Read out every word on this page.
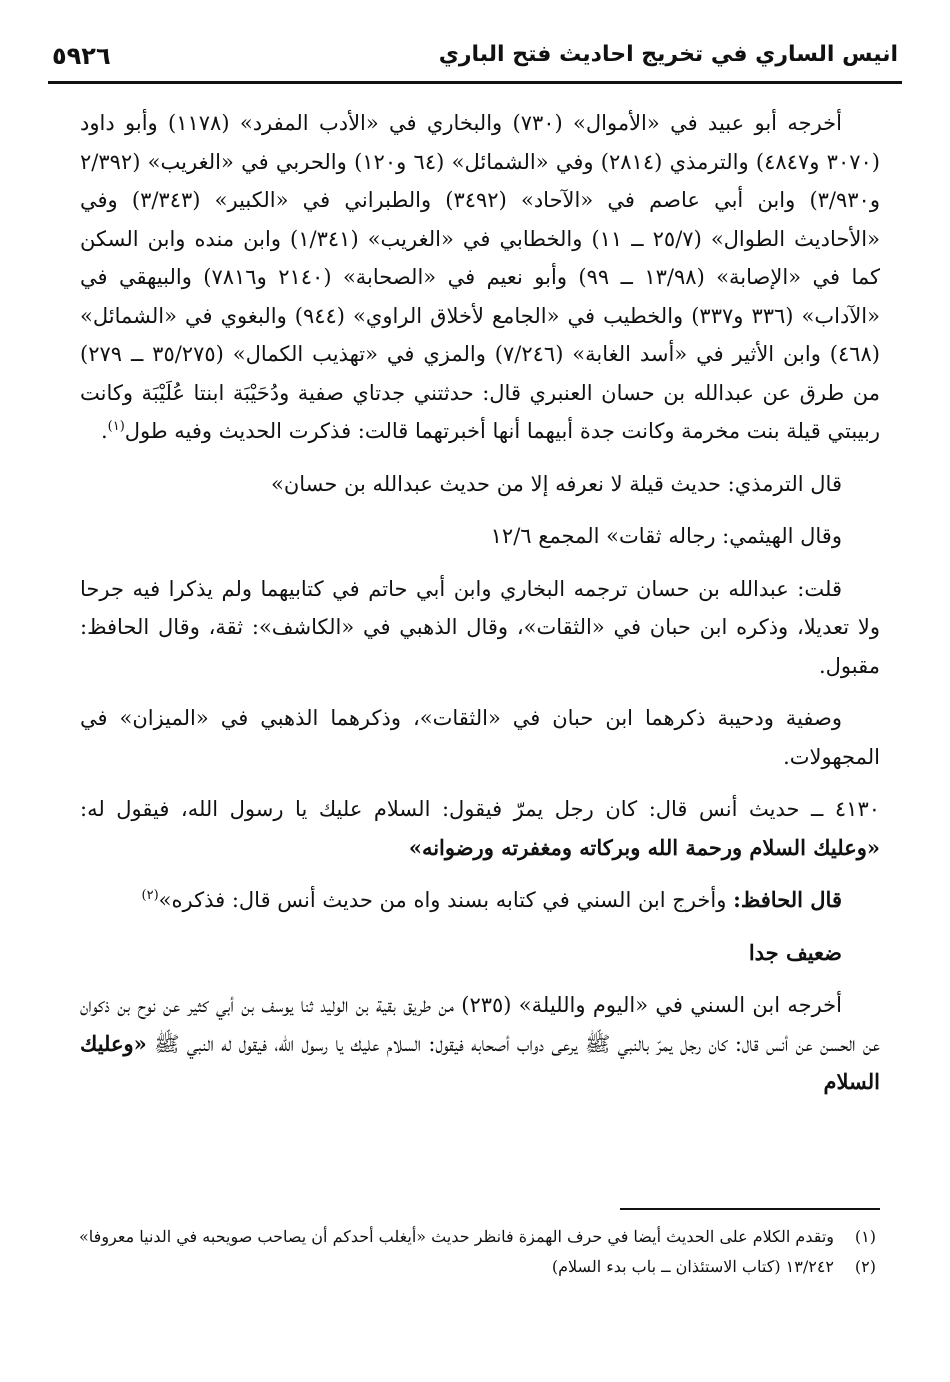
انيس الساري في تخريج احاديث فتح الباري
٥٩٢٦

أخرجه أبو عبيد في «الأموال» (٧٣٠) والبخاري في «الأدب المفرد» (١١٧٨) وأبو داود (٣٠٧٠ و٤٨٤٧) والترمذي (٢٨١٤) وفي «الشمائل» (٦٤ و١٢٠) والحربي في «الغريب» (٢/٣٩٢ و٣/٩٣٠) وابن أبي عاصم في «الآحاد» (٣٤٩٢) والطبراني في «الكبير» (٣/٣٤٣) وفي «الأحاديث الطوال» (٢٥/٧ ــ ١١) والخطابي في «الغريب» (١/٣٤١) وابن منده وابن السكن كما في «الإصابة» (١٣/٩٨ ــ ٩٩) وأبو نعيم في «الصحابة» (٢١٤٠ و٧٨١٦) والبيهقي في «الآداب» (٣٣٦ و٣٣٧) والخطيب في «الجامع لأخلاق الراوي» (٩٤٤) والبغوي في «الشمائل» (٤٦٨) وابن الأثير في «أسد الغابة» (٧/٢٤٦) والمزي في «تهذيب الكمال» (٣٥/٢٧٥ ــ ٢٧٩) من طرق عن عبدالله بن حسان العنبري قال: حدثتني جدتاي صفية ودُحَيْبَة ابنتا عُلَيْبَة وكانت ربيبتي قيلة بنت مخرمة وكانت جدة أبيهما أنها أخبرتهما قالت: فذكرت الحديث وفيه طول$^{(١)}$.

قال الترمذي: حديث قيلة لا نعرفه إلا من حديث عبدالله بن حسان»

وقال الهيثمي: رجاله ثقات» المجمع ١٢/٦

قلت: عبدالله بن حسان ترجمه البخاري وابن أبي حاتم في كتابيهما ولم يذكرا فيه جرحا ولا تعديلا، وذكره ابن حبان في «الثقات»، وقال الذهبي في «الكاشف»: ثقة، وقال الحافظ: مقبول.

وصفية ودحيبة ذكرهما ابن حبان في «الثقات»، وذكرهما الذهبي في «الميزان» في المجهولات.

٤١٣٠ ــ حديث أنس قال: كان رجل يمرّ فيقول: السلام عليك يا رسول الله، فيقول له: «وعليك السلام ورحمة الله وبركاته ومغفرته ورضوانه»

قال الحافظ: وأخرج ابن السني في كتابه بسند واه من حديث أنس قال: فذكره»$^{(٢)}$

ضعيف جدا

أخرجه ابن السني في «اليوم والليلة» (٢٣٥) من طريق بقية بن الوليد ثنا يوسف بن أبي كثير عن نوح بن ذكوان عن الحسن عن أنس قال: كان رجل يمرّ بالنبي ﷺ يرعى دواب أصحابه فيقول: السلام عليك يا رسول الله، فيقول له النبي ﷺ «وعليك السلام

(١)
وتقدم الكلام على الحديث أيضا في حرف الهمزة فانظر حديث «أيغلب أحدكم أن يصاحب صويحبه في الدنيا معروفا»

(٢)
١٣/٢٤٢ (كتاب الاستئذان ــ باب بدء السلام)
